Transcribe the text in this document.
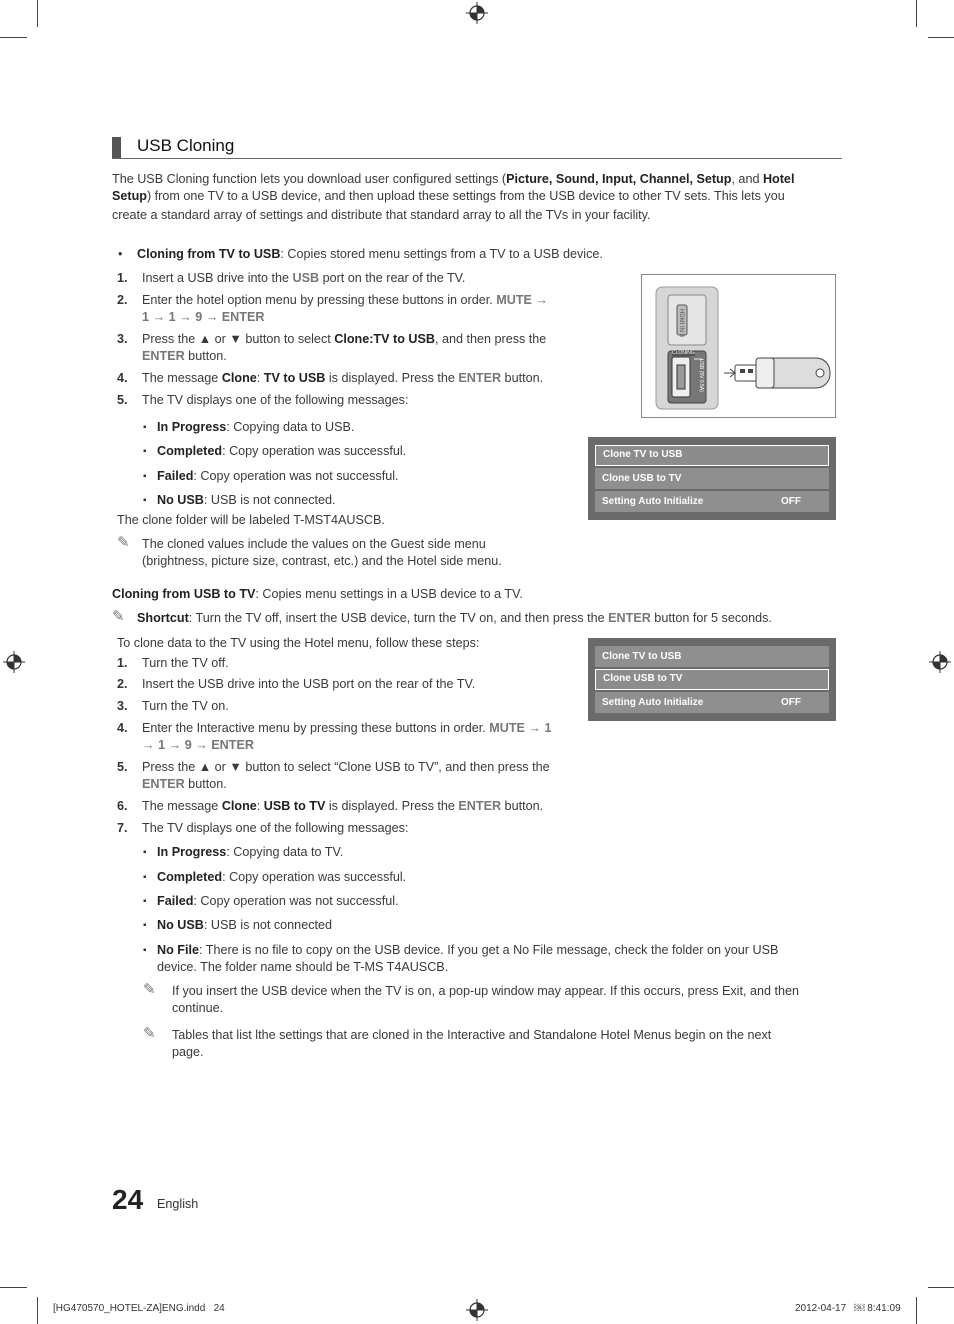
USB Cloning
The USB Cloning function lets you download user configured settings (Picture, Sound, Input, Channel, Setup, and Hotel
Setup) from one TV to a USB device, and then upload these settings from the USB device to other TV sets. This lets you
create a standard array of settings and distribute that standard array to all the TVs in your facility.
• Cloning from TV to USB: Copies stored menu settings from a TV to a USB device.
1. Insert a USB drive into the USB port on the rear of the TV.
2. Enter the hotel option menu by pressing these buttons in order. MUTE →
1 → 1 → 9 → ENTER
3. Press the ▲ or ▼ button to select Clone:TV to USB, and then press the
ENTER button.
4. The message Clone: TV to USB is displayed. Press the ENTER button.
5. The TV displays one of the following messages:
▪ In Progress: Copying data to USB.
▪ Completed: Copy operation was successful.
▪ Failed: Copy operation was not successful.
▪ No USB: USB is not connected.
The clone folder will be labeled T-MST4AUSCB.
✎ The cloned values include the values on the Guest side menu
(brightness, picture size, contrast, etc.) and the Hotel side menu.
HDMI IN 3
CLONING
USB (5V 0.5A)
Clone TV to USB
Clone USB to TV
Setting Auto Initialize	OFF
Cloning from USB to TV: Copies menu settings in a USB device to a TV.
✎ Shortcut: Turn the TV off, insert the USB device, turn the TV on, and then press the ENTER button for 5 seconds.
To clone data to the TV using the Hotel menu, follow these steps:
1. Turn the TV off.
2. Insert the USB drive into the USB port on the rear of the TV.
3. Turn the TV on.
4. Enter the Interactive menu by pressing these buttons in order. MUTE → 1
→ 1 → 9 → ENTER
5. Press the ▲ or ▼ button to select “Clone USB to TV”, and then press the
ENTER button.
6. The message Clone: USB to TV is displayed. Press the ENTER button.
7. The TV displays one of the following messages:
▪ In Progress: Copying data to TV.
▪ Completed: Copy operation was successful.
▪ Failed: Copy operation was not successful.
▪ No USB: USB is not connected
▪ No File: There is no file to copy on the USB device. If you get a No File message, check the folder on your USB
device. The folder name should be T-MS T4AUSCB.
✎ If you insert the USB device when the TV is on, a pop-up window may appear. If this occurs, press Exit, and then
continue.
✎ Tables that list lthe settings that are cloned in the Interactive and Standalone Hotel Menus begin on the next
page.
Clone TV to USB
Clone USB to TV
Setting Auto Initialize	OFF
24 English
[HG470570_HOTEL-ZA]ENG.indd   24	2012-04-17   ￼ 8:41:09
